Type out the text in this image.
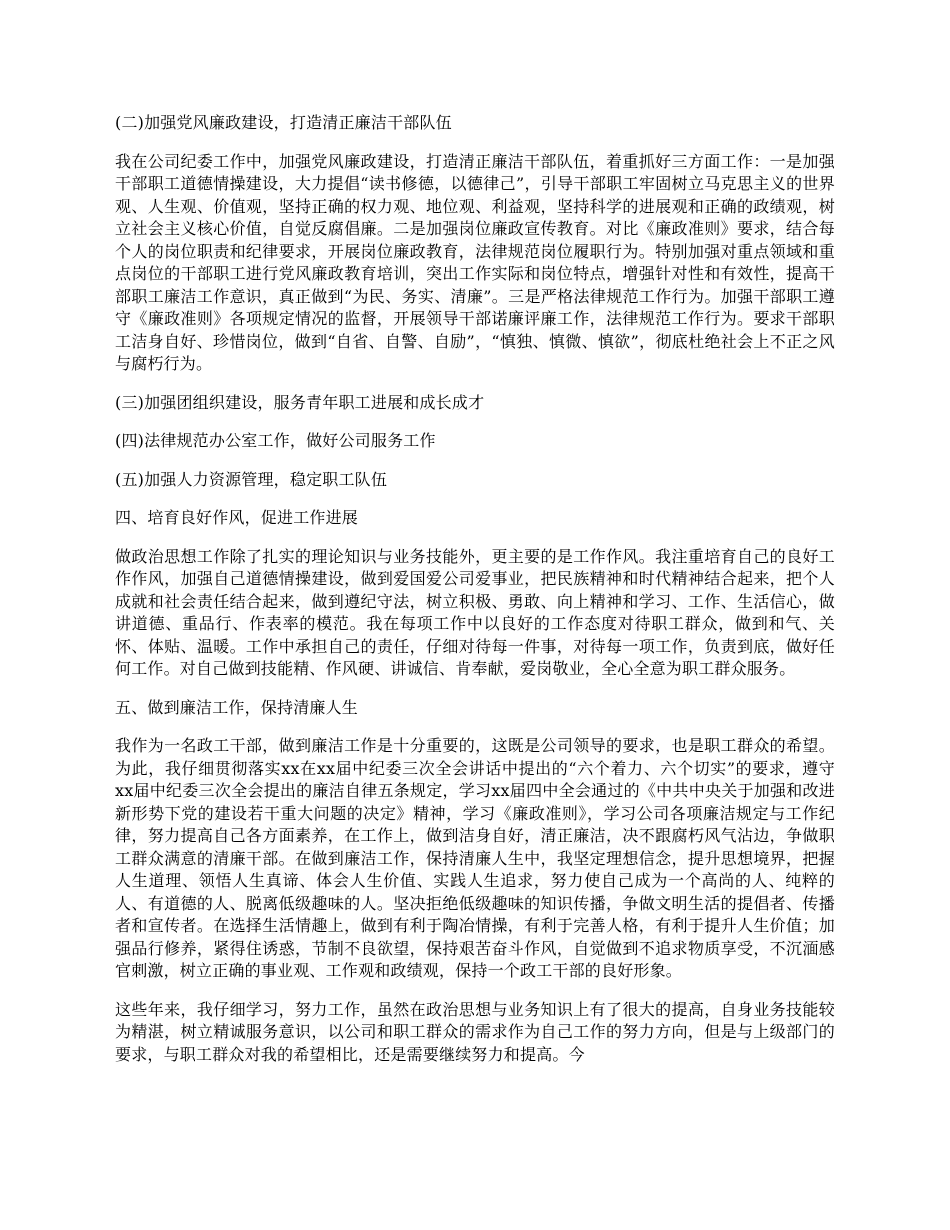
(二)加强党风廉政建设，打造清正廉洁干部队伍

我在公司纪委工作中，加强党风廉政建设，打造清正廉洁干部队伍，着重抓好三方面工作：一是加强干部职工道德情操建设，大力提倡“读书修德，以德律己”，引导干部职工牢固树立马克思主义的世界观、人生观、价值观，坚持正确的权力观、地位观、利益观，坚持科学的进展观和正确的政绩观，树立社会主义核心价值，自觉反腐倡廉。二是加强岗位廉政宣传教育。对比《廉政准则》要求，结合每个人的岗位职责和纪律要求，开展岗位廉政教育，法律规范岗位履职行为。特别加强对重点领域和重点岗位的干部职工进行党风廉政教育培训，突出工作实际和岗位特点，增强针对性和有效性，提高干部职工廉洁工作意识，真正做到“为民、务实、清廉”。三是严格法律规范工作行为。加强干部职工遵守《廉政准则》各项规定情况的监督，开展领导干部诺廉评廉工作，法律规范工作行为。要求干部职工洁身自好、珍惜岗位，做到“自省、自警、自励”，“慎独、慎微、慎欲”，彻底杜绝社会上不正之风与腐朽行为。

(三)加强团组织建设，服务青年职工进展和成长成才

(四)法律规范办公室工作，做好公司服务工作

(五)加强人力资源管理，稳定职工队伍

四、培育良好作风，促进工作进展

做政治思想工作除了扎实的理论知识与业务技能外，更主要的是工作作风。我注重培育自己的良好工作作风，加强自己道德情操建设，做到爱国爱公司爱事业，把民族精神和时代精神结合起来，把个人成就和社会责任结合起来，做到遵纪守法，树立积极、勇敢、向上精神和学习、工作、生活信心，做讲道德、重品行、作表率的模范。我在每项工作中以良好的工作态度对待职工群众，做到和气、关怀、体贴、温暖。工作中承担自己的责任，仔细对待每一件事，对待每一项工作，负责到底，做好任何工作。对自己做到技能精、作风硬、讲诚信、肯奉献，爱岗敬业，全心全意为职工群众服务。

五、做到廉洁工作，保持清廉人生

我作为一名政工干部，做到廉洁工作是十分重要的，这既是公司领导的要求，也是职工群众的希望。为此，我仔细贯彻落实xx在xx届中纪委三次全会讲话中提出的“六个着力、六个切实”的要求，遵守xx届中纪委三次全会提出的廉洁自律五条规定，学习xx届四中全会通过的《中共中央关于加强和改进新形势下党的建设若干重大问题的决定》精神，学习《廉政准则》，学习公司各项廉洁规定与工作纪律，努力提高自己各方面素养，在工作上，做到洁身自好，清正廉洁，决不跟腐朽风气沾边，争做职工群众满意的清廉干部。在做到廉洁工作，保持清廉人生中，我坚定理想信念，提升思想境界，把握人生道理、领悟人生真谛、体会人生价值、实践人生追求，努力使自己成为一个高尚的人、纯粹的人、有道德的人、脱离低级趣味的人。坚决拒绝低级趣味的知识传播，争做文明生活的提倡者、传播者和宣传者。在选择生活情趣上，做到有利于陶冶情操，有利于完善人格，有利于提升人生价值；加强品行修养，紧得住诱惑，节制不良欲望，保持艰苦奋斗作风，自觉做到不追求物质享受，不沉湎感官刺激，树立正确的事业观、工作观和政绩观，保持一个政工干部的良好形象。

这些年来，我仔细学习，努力工作，虽然在政治思想与业务知识上有了很大的提高，自身业务技能较为精湛，树立精诚服务意识，以公司和职工群众的需求作为自己工作的努力方向，但是与上级部门的要求，与职工群众对我的希望相比，还是需要继续努力和提高。今
